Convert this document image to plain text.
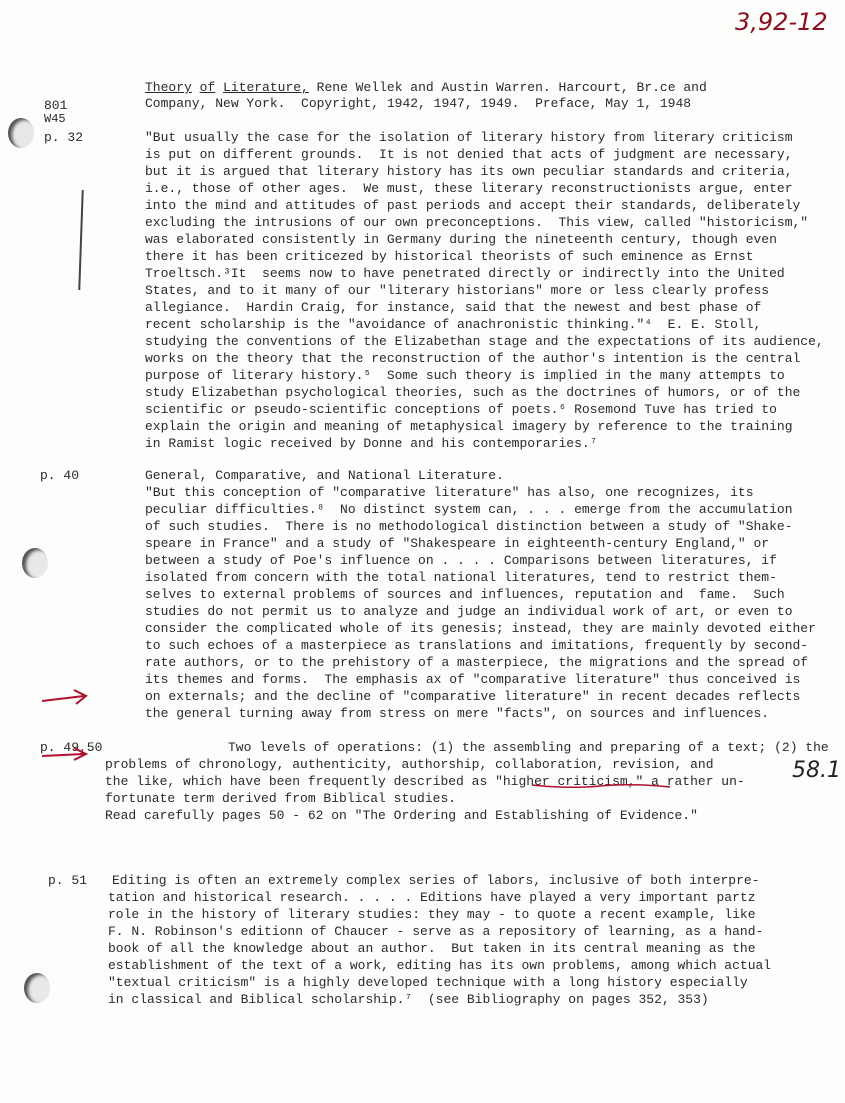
3,92-12
801
W45
Theory of Literature, Rene Wellek and Austin Warren. Harcourt, Br.ce and
Company, New York.  Copyright, 1942, 1947, 1949.  Preface, May 1, 1948
p. 32	"But usually the case for the isolation of literary history from literary criticism
is put on different grounds.  It is not denied that acts of judgment are necessary,
but it is argued that literary history has its own peculiar standards and criteria,
i.e., those of other ages.  We must, these literary reconstructionists argue, enter
into the mind and attitudes of past periods and accept their standards, deliberately
excluding the intrusions of our own preconceptions.  This view, called "historicism,"
was elaborated consistently in Germany during the nineteenth century, though even
there it has been criticezed by historical theorists of such eminence as Ernst
Troeltsch.³It  seems now to have penetrated directly or indirectly into the United
States, and to it many of our "literary historians" more or less clearly profess
allegiance.  Hardin Craig, for instance, said that the newest and best phase of
recent scholarship is the "avoidance of anachronistic thinking."⁴  E. E. Stoll,
studying the conventions of the Elizabethan stage and the expectations of its audience,
works on the theory that the reconstruction of the author's intention is the central
purpose of literary history.⁵  Some such theory is implied in the many attempts to
study Elizabethan psychological theories, such as the doctrines of humors, or of the
scientific or pseudo-scientific conceptions of poets.⁶ Rosemond Tuve has tried to
explain the origin and meaning of metaphysical imagery by reference to the training
in Ramist logic received by Donne and his contemporaries.⁷
p. 40	General, Comparative, and National Literature.
"But this conception of "comparative literature" has also, one recognizes, its
peculiar difficulties.⁸  No distinct system can, . . . emerge from the accumulation
of such studies.  There is no methodological distinction between a study of "Shake-
speare in France" and a study of "Shakespeare in eighteenth-century England," or
between a study of Poe's influence on . . . . Comparisons between literatures, if
isolated from concern with the total national literatures, tend to restrict them-
selves to external problems of sources and influences, reputation and  fame.  Such
studies do not permit us to analyze and judge an individual work of art, or even to
consider the complicated whole of its genesis; instead, they are mainly devoted either
to such echoes of a masterpiece as translations and imitations, frequently by second-
rate authors, or to the prehistory of a masterpiece, the migrations and the spread of
its themes and forms.  The emphasis ax of "comparative literature" thus conceived is
on externals; and the decline of "comparative literature" in recent decades reflects
the general turning away from stress on mere "facts", on sources and influences.
p. 49,50	Two levels of operations: (1) the assembling and preparing of a text; (2) the
problems of chronology, authenticity, authorship, collaboration, revision, and
the like, which have been frequently described as "higher criticism," a rather un-
fortunate term derived from Biblical studies.
Read carefully pages 50 - 62 on "The Ordering and Establishing of Evidence."
p. 51 Editing is often an extremely complex series of labors, inclusive of both interpre-
tation and historical research. . . . . Editions have played a very important partz
role in the history of literary studies: they may - to quote a recent example, like
F. N. Robinson's editionn of Chaucer - serve as a repository of learning, as a hand-
book of all the knowledge about an author.  But taken in its central meaning as the
establishment of the text of a work, editing has its own problems, among which actual
"textual criticism" is a highly developed technique with a long history especially
in classical and Biblical scholarship.⁷  (see Bibliography on pages 352, 353)
58.1
